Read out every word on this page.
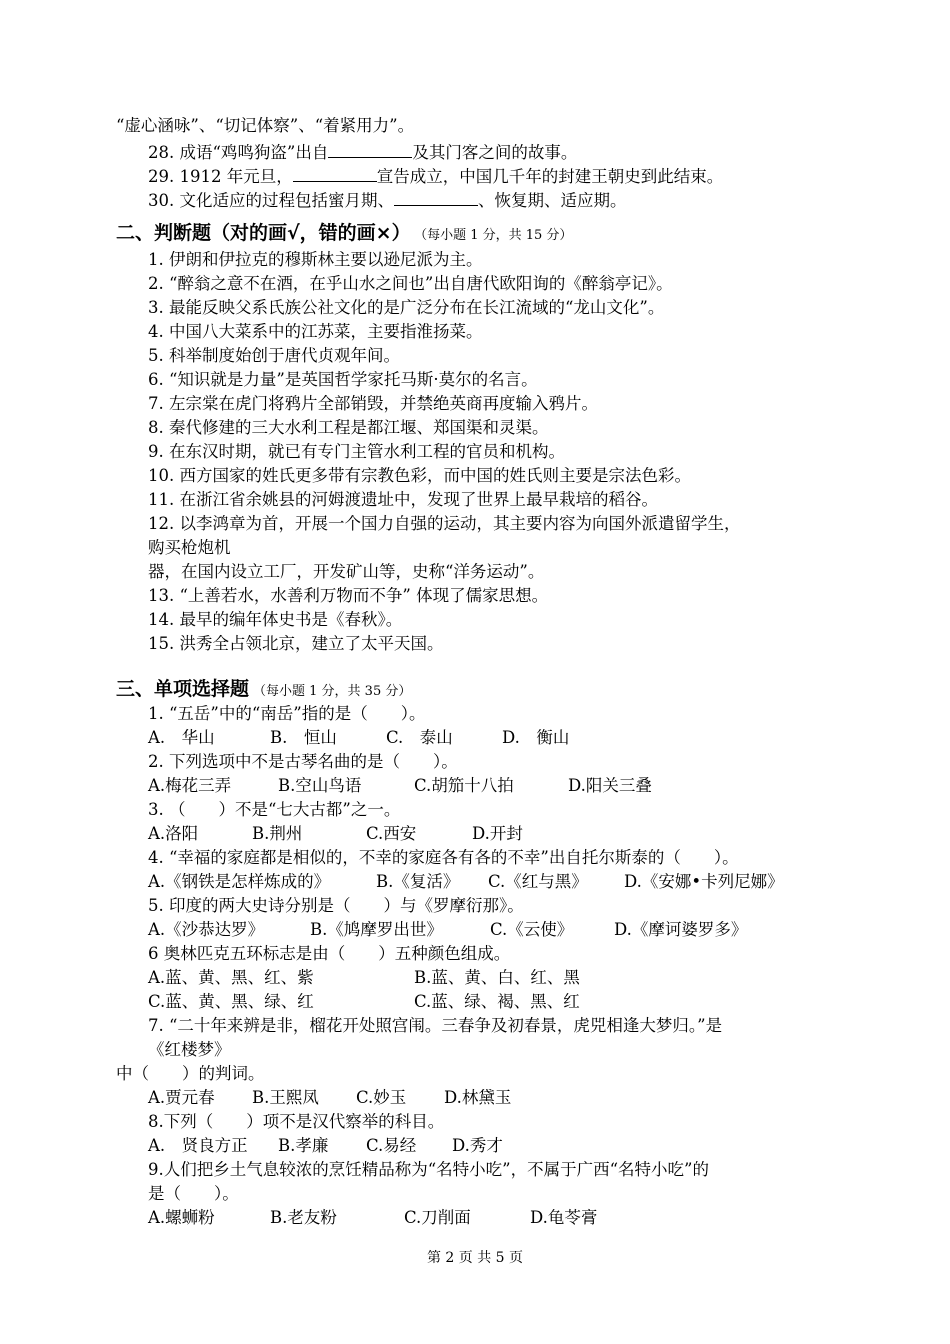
“虚心涵咏”、“切记体察”、“着紧用力”。
28. 成语“鸡鸣狗盗”出自	及其门客之间的故事。
29. 1912 年元旦，	宣告成立，中国几千年的封建王朝史到此结束。
30. 文化适应的过程包括蜜月期、	、恢复期、适应期。
二、判断题（对的画√，错的画×） （每小题 1 分，共 15 分）
1. 伊朗和伊拉克的穆斯林主要以逊尼派为主。
2. “醉翁之意不在酒，在乎山水之间也”出自唐代欧阳询的《醉翁亭记》。
3. 最能反映父系氏族公社文化的是广泛分布在长江流域的“龙山文化”。
4. 中国八大菜系中的江苏菜，主要指淮扬菜。
5. 科举制度始创于唐代贞观年间。
6. “知识就是力量”是英国哲学家托马斯·莫尔的名言。
7. 左宗棠在虎门将鸦片全部销毁，并禁绝英商再度输入鸦片。
8. 秦代修建的三大水利工程是都江堰、郑国渠和灵渠。
9. 在东汉时期，就已有专门主管水利工程的官员和机构。
10. 西方国家的姓氏更多带有宗教色彩，而中国的姓氏则主要是宗法色彩。
11. 在浙江省余姚县的河姆渡遗址中，发现了世界上最早栽培的稻谷。
12. 以李鸿章为首，开展一个国力自强的运动，其主要内容为向国外派遣留学生，
购买枪炮机
器，在国内设立工厂，开发矿山等，史称“洋务运动”。
13. “上善若水，水善利万物而不争” 体现了儒家思想。
14. 最早的编年体史书是《春秋》。
15. 洪秀全占领北京，建立了太平天国。
三、单项选择题 （每小题 1 分，共 35 分）
1. “五岳”中的“南岳”指的是（　　）。
A.　华山	B.　恒山	C.　泰山	D.　衡山
2. 下列选项中不是古琴名曲的是（　　）。
A.梅花三弄	B.空山鸟语	C.胡笳十八拍	D.阳关三叠
3. （　　）不是“七大古都”之一。
A.洛阳	B.荆州	C.西安	D.开封
4. “幸福的家庭都是相似的，不幸的家庭各有各的不幸”出自托尔斯泰的（　　）。
A.《钢铁是怎样炼成的》	B.《复活》 C.《红与黑》 D.《安娜•卡列尼娜》
5. 印度的两大史诗分别是（　　）与《罗摩衍那》。
A.《沙恭达罗》	B.《鸠摩罗出世》	C.《云使》 D.《摩诃婆罗多》
6 奥林匹克五环标志是由（　　）五种颜色组成。
A.蓝、黄、黑、红、紫	B.蓝、黄、白、红、黑
C.蓝、黄、黑、绿、红	C.蓝、绿、褐、黑、红
7. “二十年来辨是非，榴花开处照宫闱。三春争及初春景，虎兕相逢大梦归。”是
《红楼梦》
中（　　）的判词。
A.贾元春 B.王熙凤 C.妙玉 D.林黛玉
8.下列（　　）项不是汉代察举的科目。
A.　贤良方正 B.孝廉 C.易经 D.秀才
9.人们把乡土气息较浓的烹饪精品称为“名特小吃”，不属于广西“名特小吃”的
是（　　）。
A.螺蛳粉	B.老友粉	C.刀削面	D.龟苓膏
第 2 页 共 5 页
